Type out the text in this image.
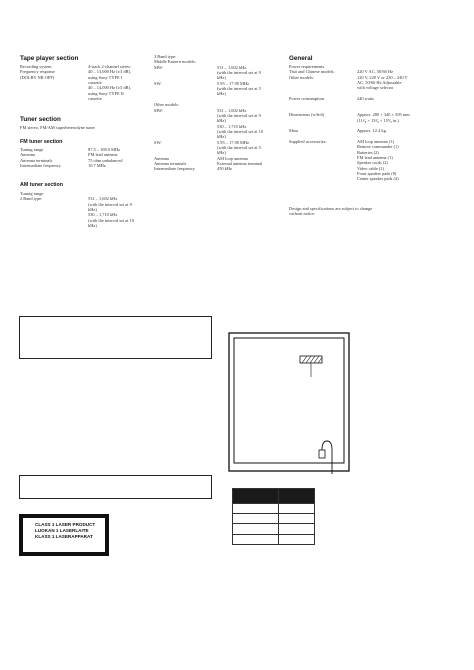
Tape player section
Recording system	4-track 2-channel stereo
Frequency response	40 – 13,000 Hz (±3 dB),
(DOLBY NR OFF)	using Sony TYPE I
cassette
40 – 14,000 Hz (±3 dB),
using Sony TYPE II
cassette
Tuner section
FM stereo, FM/AM superheterodyne tuner
FM tuner section
Tuning range	87.5 – 108.0 MHz
Antenna	FM lead antenna
Antenna terminals	75 ohm unbalanced
Intermediate frequency	10.7 MHz
AM tuner section
Tuning range
2 Band type:	531 – 1,602 kHz
(with the interval set at 9
kHz)
530 – 1,710 kHz
(with the interval set at 10
kHz)
3 Band type:
Middle Eastern models:
MW:	531 – 1,602 kHz
(with the interval set at 9
kHz)
SW:	5.95 – 17.90 MHz
(with the interval set at 5
kHz)
Other models:
MW:	531 – 1,602 kHz
(with the interval set at 9
kHz)
530 – 1,710 kHz
(with the interval set at 10
kHz)
SW:	5.95 – 17.90 MHz
(with the interval set at 5
kHz)
Antenna	AM loop antenna
Antenna terminals	External antenna terminal
Intermediate frequency	450 kHz
General
Power requirements
Thai and Chinese models:	220 V AC, 50/60 Hz
Other models:	120 V, 220 V or 230 – 240 V
AC, 50/60 Hz Adjustable
with voltage selector
Power consumption	240 watts
Dimensions (w/h/d)	Approx. 280 × 340 × 395 mm
(11¹⁄₈ × 13³⁄₈ × 15⁵⁄₈ in.)
Mass	Approx. 12.4 kg
Supplied accessories:	AM loop antenna (1)
Remote commander (1)
Batteries (2)
FM lead antenna (1)
Speaker cords (2)
Video cable (1)
Front speaker pads (8)
Center speaker pads (4)
Design and specifications are subject to change
without notice.
CLASS 1 LASER PRODUCT
LUOKAN 1 LASERLAITE
KLASS 1 LASERAPPARAT
